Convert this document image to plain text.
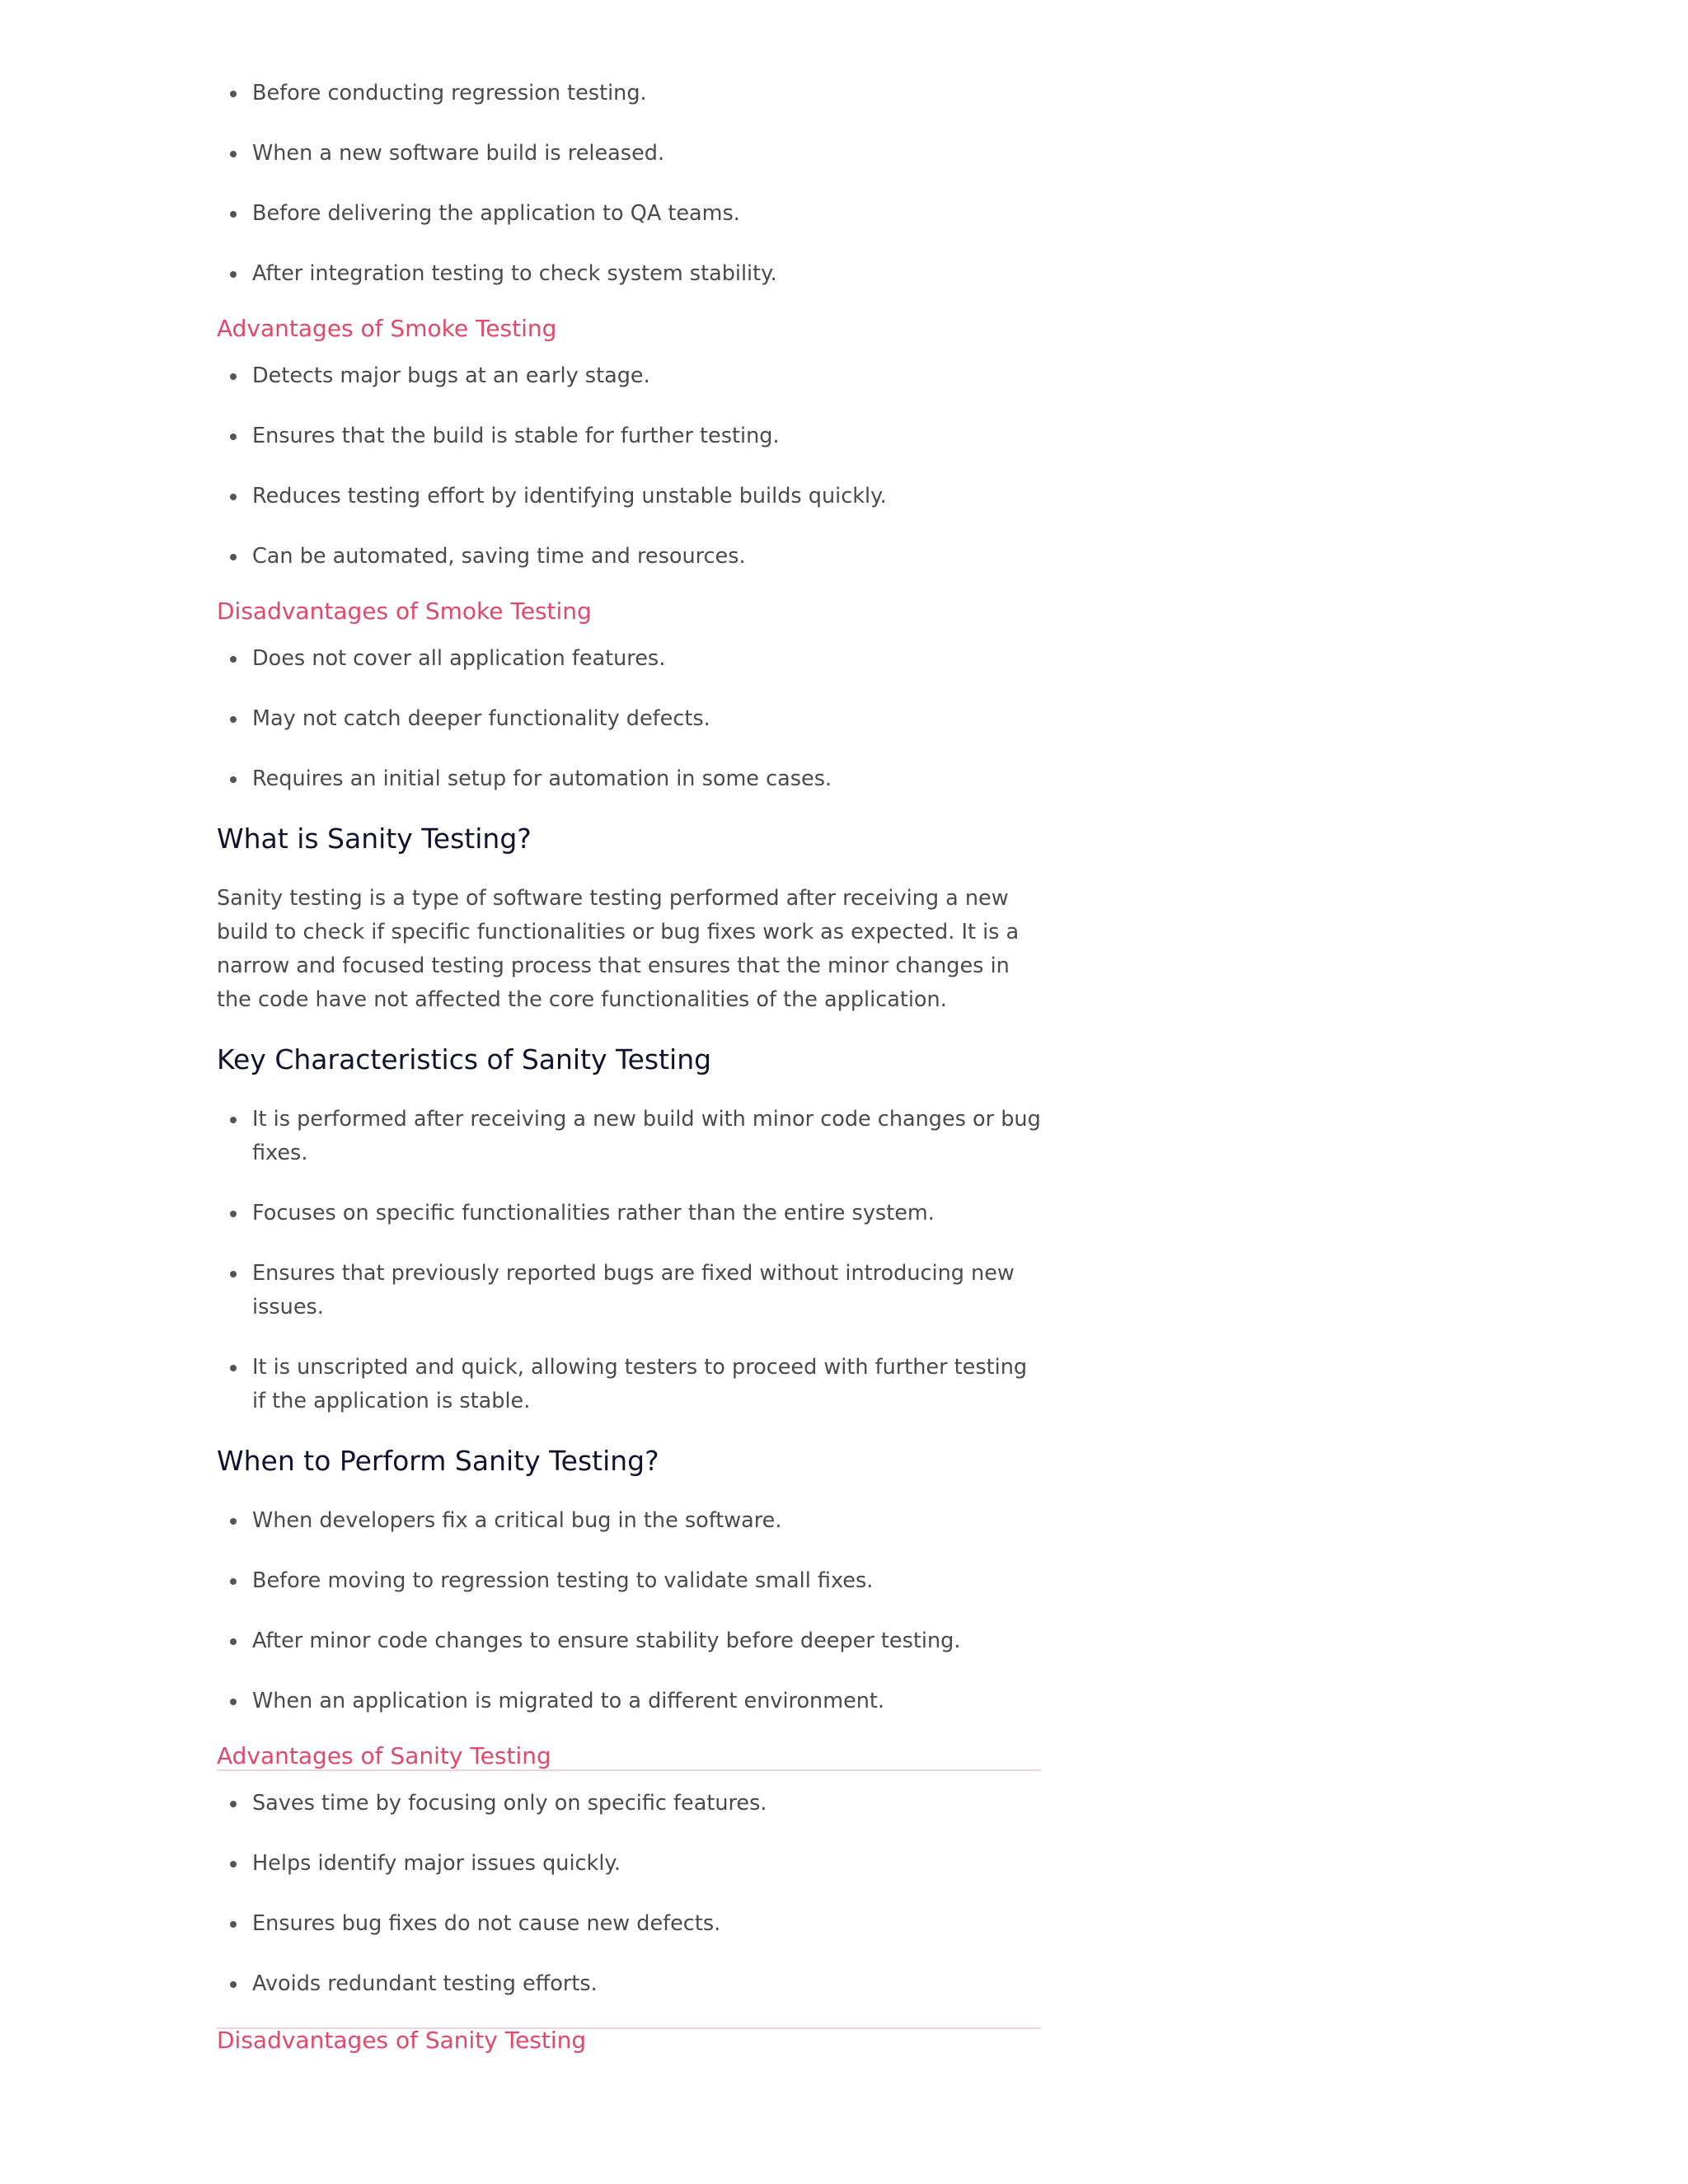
Before conducting regression testing.
When a new software build is released.
Before delivering the application to QA teams.
After integration testing to check system stability.
Advantages of Smoke Testing
Detects major bugs at an early stage.
Ensures that the build is stable for further testing.
Reduces testing effort by identifying unstable builds quickly.
Can be automated, saving time and resources.
Disadvantages of Smoke Testing
Does not cover all application features.
May not catch deeper functionality defects.
Requires an initial setup for automation in some cases.
What is Sanity Testing?

Sanity testing is a type of software testing performed after receiving a new build to check if specific functionalities or bug fixes work as expected. It is a narrow and focused testing process that ensures that the minor changes in the code have not affected the core functionalities of the application.

Key Characteristics of Sanity Testing
It is performed after receiving a new build with minor code changes or bug fixes.
Focuses on specific functionalities rather than the entire system.
Ensures that previously reported bugs are fixed without introducing new issues.
It is unscripted and quick, allowing testers to proceed with further testing if the application is stable.
When to Perform Sanity Testing?
When developers fix a critical bug in the software.
Before moving to regression testing to validate small fixes.
After minor code changes to ensure stability before deeper testing.
When an application is migrated to a different environment.
Advantages of Sanity Testing
Saves time by focusing only on specific features.
Helps identify major issues quickly.
Ensures bug fixes do not cause new defects.
Avoids redundant testing efforts.
Disadvantages of Sanity Testing
